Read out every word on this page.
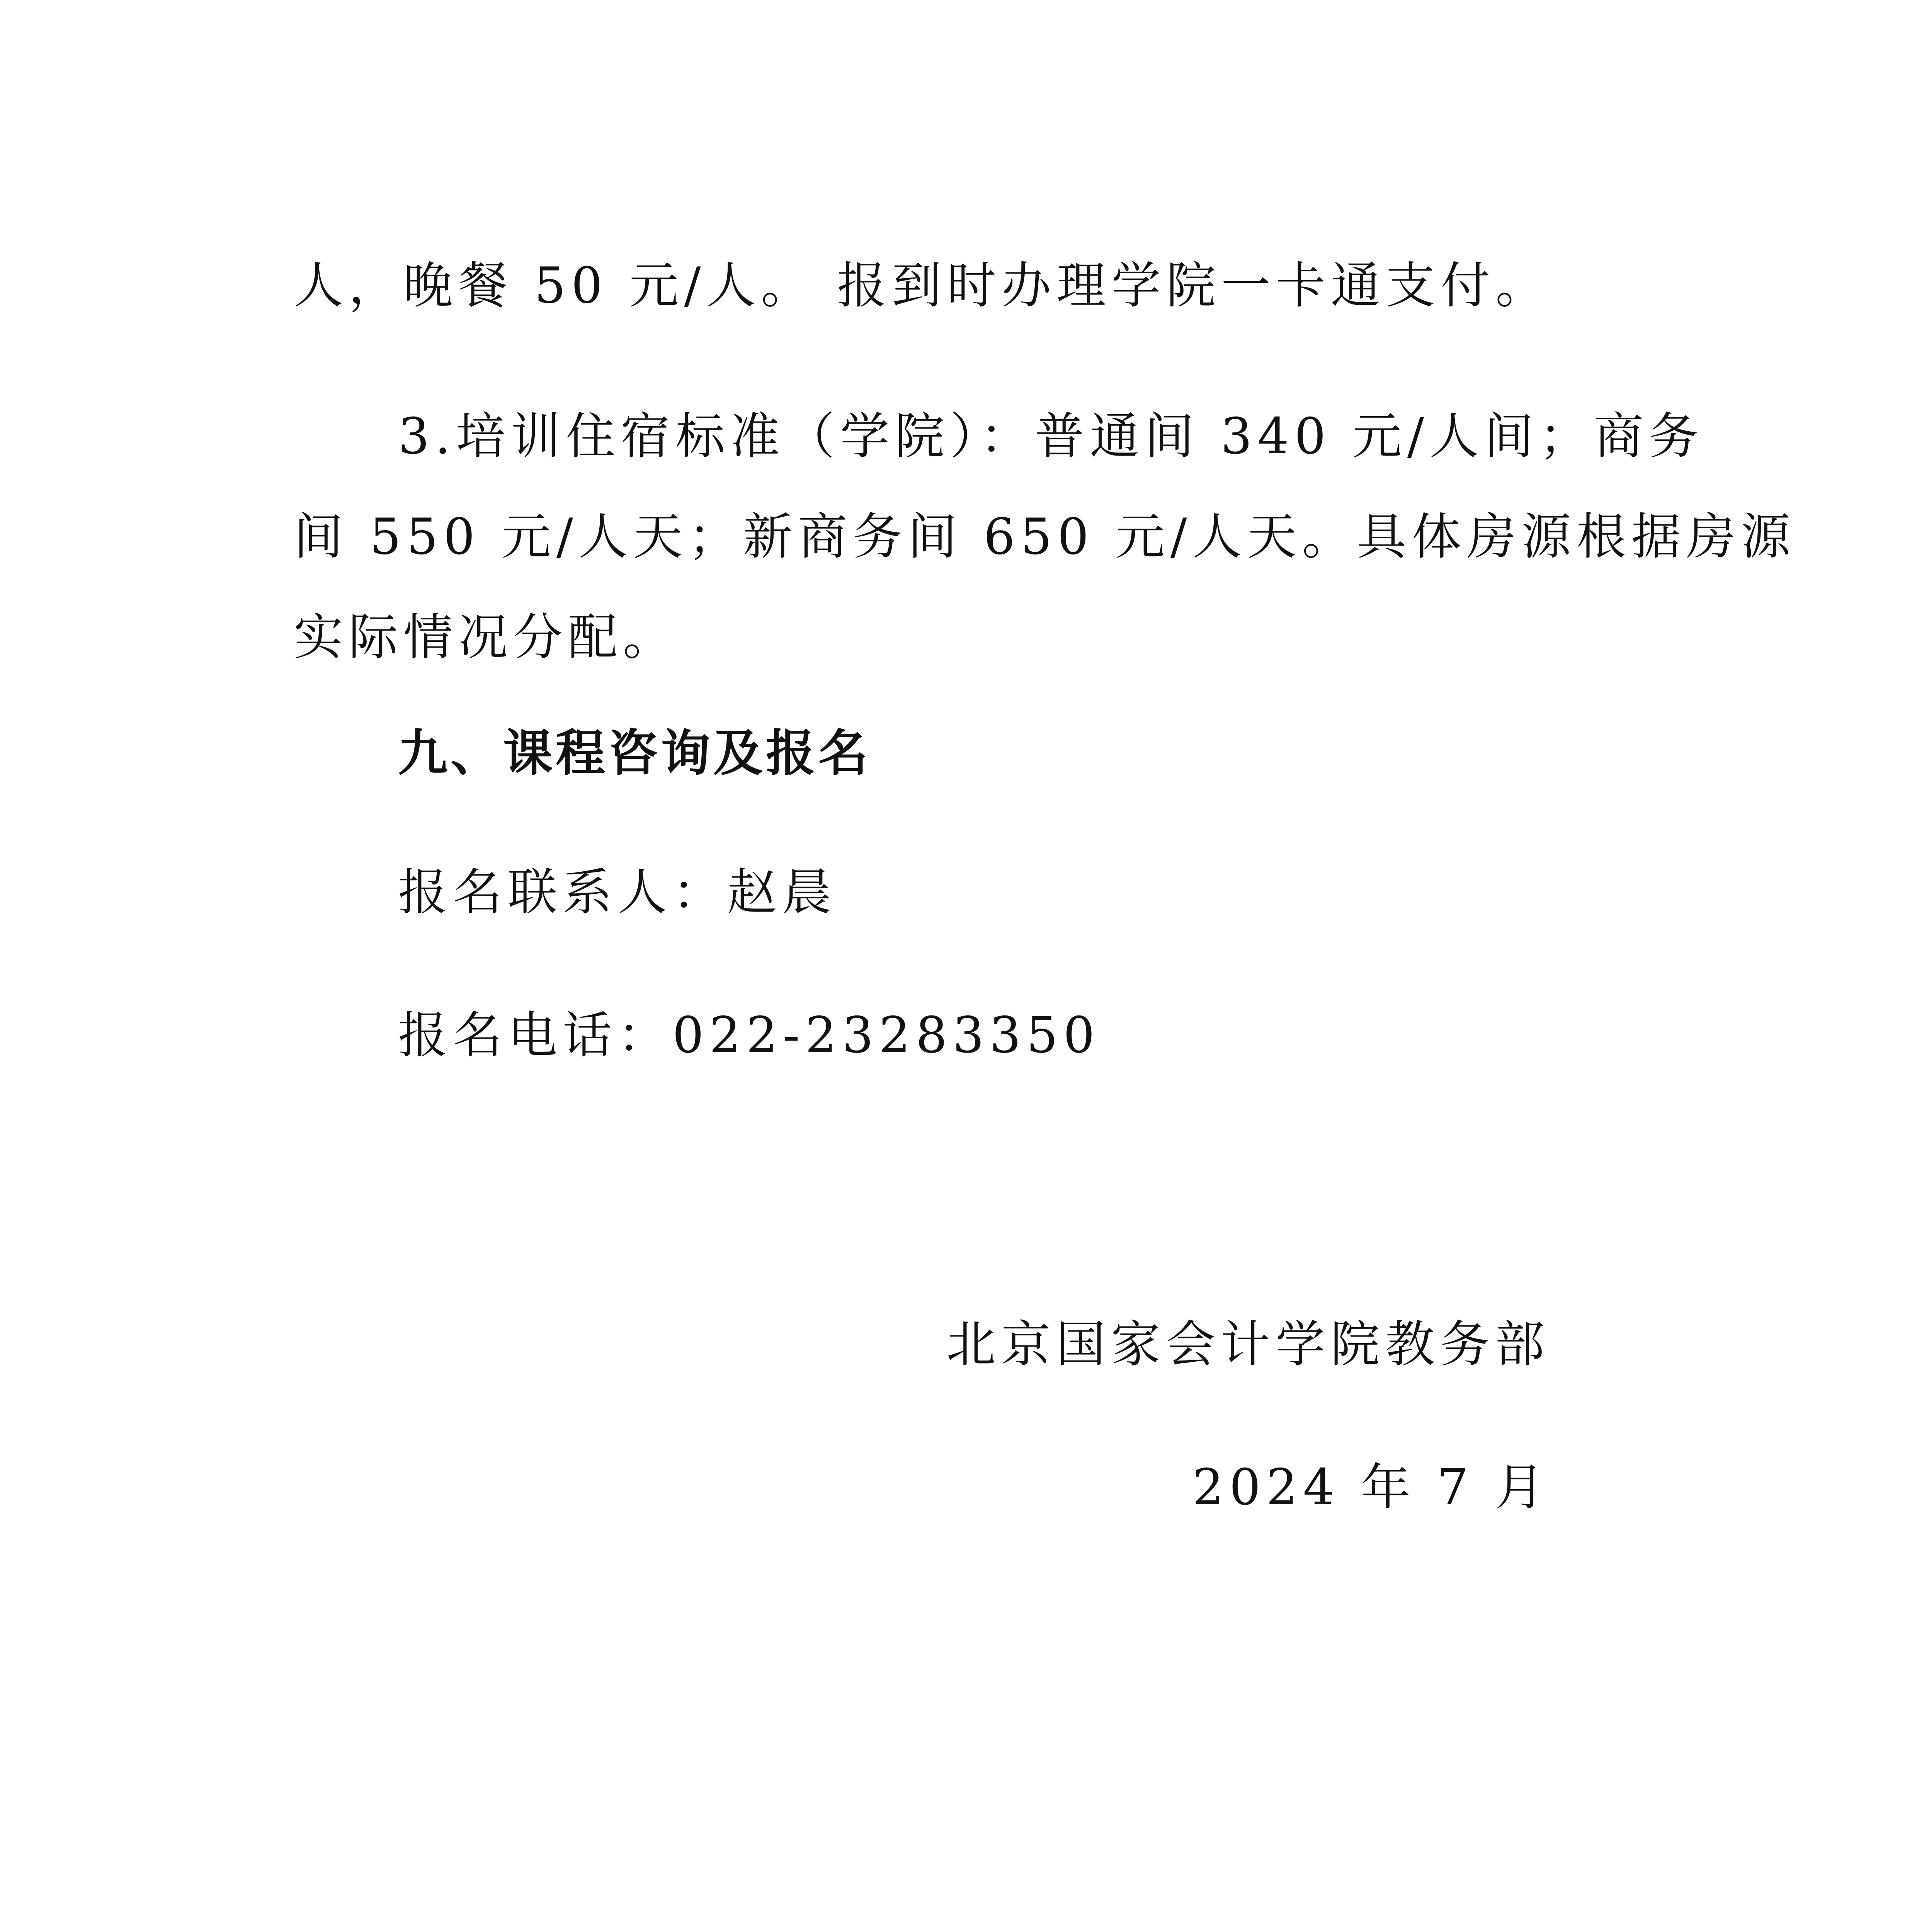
人，晚餐 50 元/人。 报到时办理学院一卡通支付。
3.培训住宿标准（学院）：普通间 340 元/人间；商务
间 550 元/人天；新商务间 650 元/人天。具体房源根据房源
实际情况分配。
九、课程咨询及报名
报名联系人：赵晨
报名电话：022-23283350
北京国家会计学院教务部
2024 年 7 月
